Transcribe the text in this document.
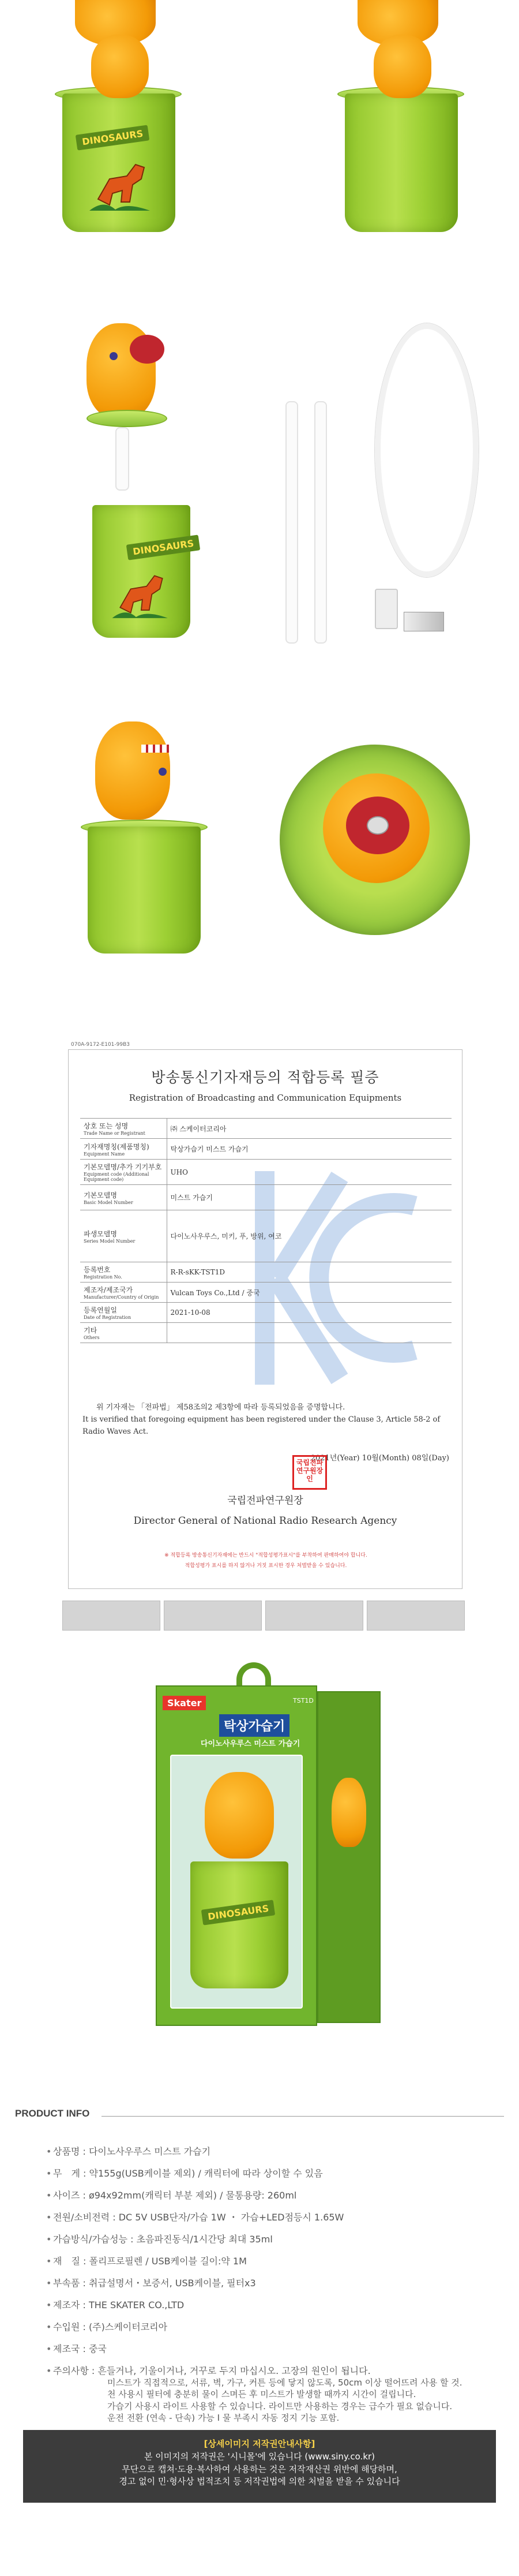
DINOSAURS
DINOSAURS
070A-9172-E101-99B3
방송통신기자재등의 적합등록 필증
Registration of Broadcasting and Communication Equipments
상호 또는 성명
Trade Name or Registrant	㈜ 스케이터코리아

기자재명칭(제품명칭)
Equipment Name	탁상가습기 미스트 가습기

기본모델명/추가 기기부호
Equipment code (Additional Equipment code)	UHO

기본모델명
Basic Model Number	미스트 가습기

파생모델명
Series Model Number	다이노사우루스, 미키, 푸, 방위, 여코

등록번호
Registration No.	R-R-sKK-TST1D

제조자/제조국가
Manufacturer/Country of Origin	Vulcan Toys Co.,Ltd / 중국

등록연월일
Date of Registration	2021-10-08

기타
Others	

위 기자재는 「전파법」 제58조의2 제3항에 따라 등록되었음을 증명합니다.
It is verified that foregoing equipment has been registered under the Clause 3, Article 58-2 of Radio Waves Act.
2021년(Year) 10월(Month) 08일(Day)
국립전파연구원장인
국립전파연구원장
Director General of National Radio Research Agency
※ 적합등록 방송통신기자재에는 반드시 "적합성평가표시"를 부착하여 판매하여야 합니다.
적합성평가 표시를 하지 않거나 거짓 표시한 경우 처벌받을 수 있습니다.
Skater
탁상가습기
다이노사우루스 미스트 가습기
TST1D
DINOSAURS
PRODUCT INFO
• 상품명 : 다이노사우루스 미스트 가습기
• 무　게 : 약155g(USB케이블 제외) / 캐릭터에 따라 상이할 수 있음
• 사이즈 : ø94x92mm(캐릭터 부분 제외) / 물통용량: 260ml
• 전원/소비전력 : DC 5V USB단자/가습 1W ・ 가습+LED점등시 1.65W
• 가습방식/가습성능 : 초음파진동식/1시간당 최대 35ml
• 재　질 : 폴리프로필렌 / USB케이블 길이:약 1M
• 부속품 : 취급설명서・보증서, USB케이블, 필터x3
• 제조자 : THE SKATER CO.,LTD
• 수입원 : (주)스케이터코리아
• 제조국 : 중국
• 주의사항 : 흔들거나, 기울이거나, 거꾸로 두지 마십시오. 고장의 원인이 됩니다.
미스트가 직접적으로, 서류, 벽, 가구, 커튼 등에 닿지 않도록, 50cm 이상 떨어뜨려 사용 할 것.
천 사용시 필터에 충분히 물이 스며든 후 미스트가 발생할 때까지 시간이 걸립니다.
가습기 사용시 라이트 사용할 수 있습니다. 라이트만 사용하는 경우는 급수가 필요 없습니다.
운전 전환 (연속 - 단속) 가능 I 물 부족시 자동 정지 기능 포함.
[상세이미지 저작권안내사항]
본 이미지의 저작권은 '시니몰'에 있습니다 (www.siny.co.kr)
무단으로 캡쳐·도용·복사하여 사용하는 것은 저작재산권 위반에 해당하며,
경고 없이 민·형사상 법적조치 등 저작권법에 의한 처벌을 받을 수 있습니다
